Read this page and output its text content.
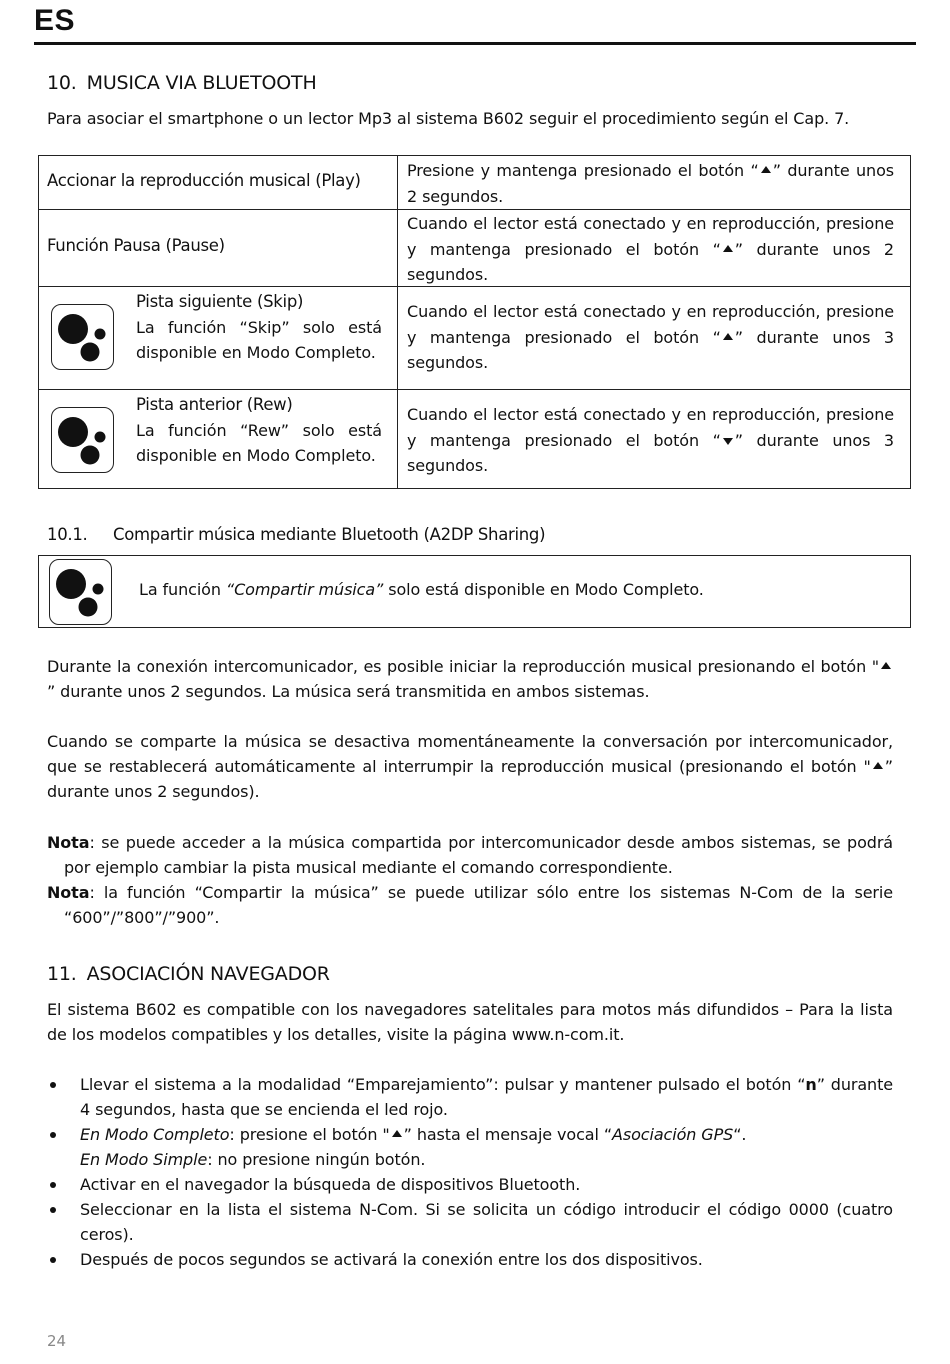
ES
10. MUSICA VIA BLUETOOTH
Para asociar el smartphone o un lector Mp3 al sistema B602 seguir el procedimiento según el Cap. 7.
Accionar la reproducción musical (Play)
Presione y mantenga presionado el botón “ ” durante unos 2 segundos.
Función Pausa (Pause)
Cuando el lector está conectado y en reproducción, presione y mantenga presionado el botón “ ” durante unos 2 segundos.
Pista siguiente (Skip)
La función “Skip” solo está disponible en Modo Completo.
Cuando el lector está conectado y en reproducción, presione y mantenga presionado el botón “ ” durante unos 3 segundos.
Pista anterior (Rew)
La función “Rew” solo está disponible en Modo Completo.
Cuando el lector está conectado y en reproducción, presione y mantenga presionado el botón “ ” durante unos 3 segundos.
10.1. Compartir música mediante Bluetooth (A2DP Sharing)
La función “Compartir música” solo está disponible en Modo Completo.
Durante la conexión intercomunicador, es posible iniciar la reproducción musical presionando el botón "” durante unos 2 segundos. La música será transmitida en ambos sistemas.
Cuando se comparte la música se desactiva momentáneamente la conversación por intercomunicador, que se restablecerá automáticamente al interrumpir la reproducción musical (presionando el botón " ” durante unos 2 segundos).
Nota: se puede acceder a la música compartida por intercomunicador desde ambos sistemas, se podrá por ejemplo cambiar la pista musical mediante el comando correspondiente.
Nota: la función “Compartir la música” se puede utilizar sólo entre los sistemas N-Com de la serie “600”/”800”/”900”.
11. ASOCIACIÓN NAVEGADOR
El sistema B602 es compatible con los navegadores satelitales para motos más difundidos – Para la lista de los modelos compatibles y los detalles, visite la página www.n-com.it.
Llevar el sistema a la modalidad “Emparejamiento”: pulsar y mantener pulsado el botón “n” durante 4 segundos, hasta que se encienda el led rojo.
En Modo Completo: presione el botón " ” hasta el mensaje vocal “Asociación GPS“.
En Modo Simple: no presione ningún botón.
Activar en el navegador la búsqueda de dispositivos Bluetooth.
Seleccionar en la lista el sistema N-Com. Si se solicita un código introducir el código 0000 (cuatro ceros).
Después de pocos segundos se activará la conexión entre los dos dispositivos.
24
